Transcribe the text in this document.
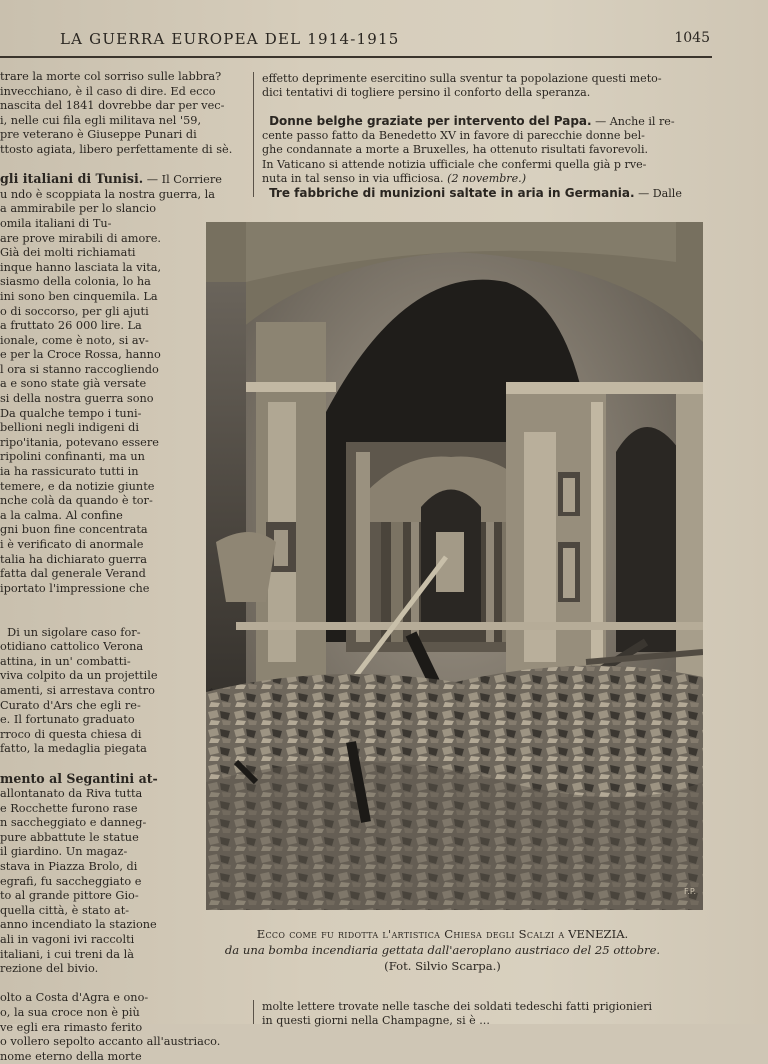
LA GUERRA EUROPEA DEL 1914-1915	1045
trare la morte col sorriso sulle labbra?
invecchiano, è il caso di dire. Ed ecco
nascita del 1841 dovrebbe dar per vec-
i, nelle cui fila egli militava nel '59,
pre veterano è Giuseppe Punari di
ttosto agiata, libero perfettamente di sè.

gli italiani di Tunisi. — Il Corriere
u ndo è scoppiata la nostra guerra, la
a ammirabile per lo slancio
omila italiani di Tu-
are prove mirabili di amore.
Già dei molti richiamati
inque hanno lasciata la vita,
siasmo della colonia, lo ha
ini sono ben cinquemila. La
o di soccorso, per gli ajuti
a fruttato 26 000 lire. La
ionale, come è noto, si av-
e per la Croce Rossa, hanno
l ora si stanno raccogliendo
a e sono state già versate
si della nostra guerra sono
Da qualche tempo i tuni-
bellioni negli indigeni di
ripo'itania, potevano essere
ripolini confinanti, ma un
ia ha rassicurato tutti in
temere, e da notizie giunte
nche colà da quando è tor-
a la calma. Al confine
gni buon fine concentrata
i è verificato di anormale
talia ha dichiarato guerra
fatta dal generale Verand
iportato l'impressione che

Di un sigolare caso for-
otidiano cattolico Verona
attina, in un' combatti-
viva colpito da un projettile
amenti, si arrestava contro
Curato d'Ars che egli re-
e. Il fortunato graduato
rroco di questa chiesa di
fatto, la medaglia piegata

mento al Segantini at-
allontanato da Riva tutta
e Rocchette furono rase
n saccheggiato e danneg-
pure abbattute le statue
il giardino. Un magaz-
stava in Piazza Brolo, di
egrafi, fu saccheggiato e
to al grande pittore Gio-
quella città, è stato at-
anno incendiato la stazione
ali in vagoni ivi raccolti
italiani, i cui treni da là
rezione del bivio.

olto a Costa d'Agra e ono-
o, la sua croce non è più
ve egli era rimasto ferito
o vollero sepolto accanto all'austriaco.
nome eterno della morte
effetto deprimente esercitino sulla sventur ta popolazione questi meto-
dici tentativi di togliere persino il conforto della speranza.

Donne belghe graziate per intervento del Papa. — Anche il re-
cente passo fatto da Benedetto XV in favore di parecchie donne bel-
ghe condannate a morte a Bruxelles, ha ottenuto risultati favorevoli.
In Vaticano si attende notizia ufficiale che confermi quella già p rve-
nuta in tal senso in via ufficiosa. (2 novembre.)
Tre fabbriche di munizioni saltate in aria in Germania. — Dalle
F.P.
Ecco come fu ridotta l'artistica Chiesa degli Scalzi a VENEZIA.
da una bomba incendiaria gettata dall'aeroplano austriaco del 25 ottobre.
(Fot. Silvio Scarpa.)
molte lettere trovate nelle tasche dei soldati tedeschi fatti prigionieri
in questi giorni nella Champagne, si è ...
